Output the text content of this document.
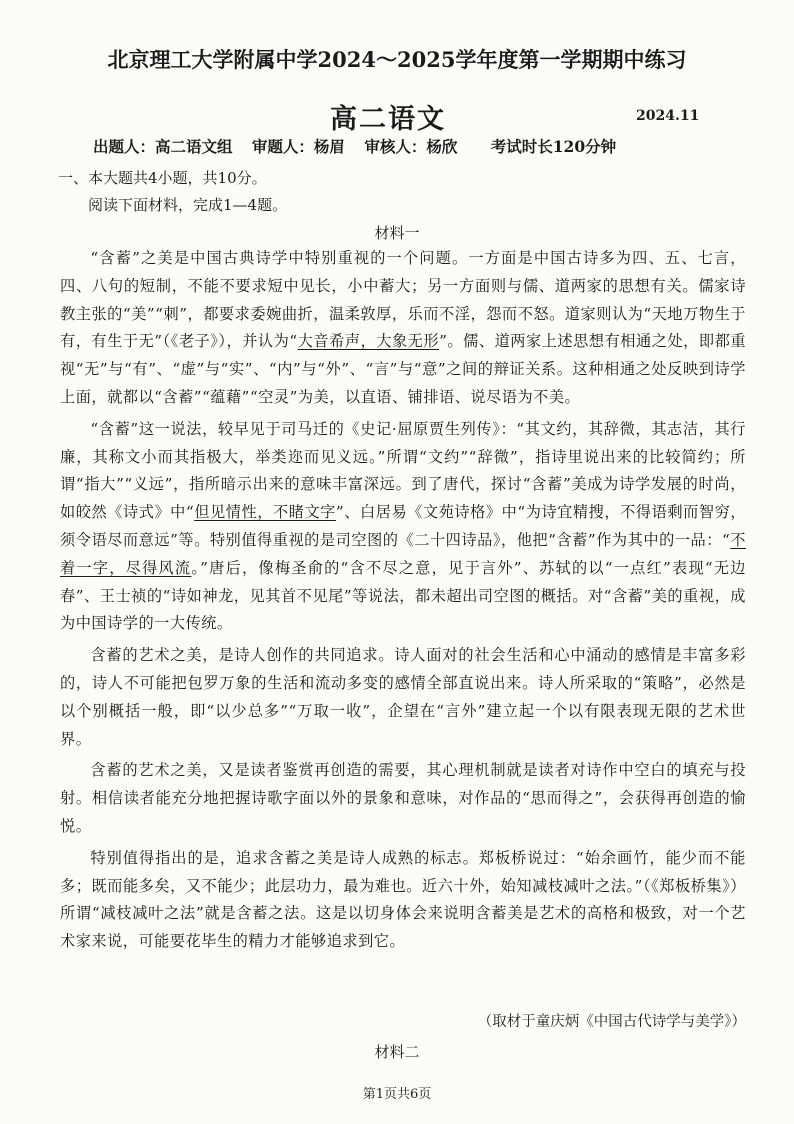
北京理工大学附属中学2024～2025学年度第一学期期中练习
高二语文	2024.11
出题人：高二语文组 审题人：杨眉 审核人：杨欣 考试时长120分钟
一、本大题共4小题，共10分。
阅读下面材料，完成1—4题。
材料一

“含蓄”之美是中国古典诗学中特别重视的一个问题。一方面是中国古诗多为四、五、七言，四、八句的短制，不能不要求短中见长，小中蓄大；另一方面则与儒、道两家的思想有关。儒家诗教主张的“美”“刺”，都要求委婉曲折，温柔敦厚，乐而不淫，怨而不怒。道家则认为“天地万物生于有，有生于无”（《老子》），并认为“大音希声，大象无形”。儒、道两家上述思想有相通之处，即都重视“无”与“有”、“虚”与“实”、“内”与“外”、“言”与“意”之间的辩证关系。这种相通之处反映到诗学上面，就都以“含蓄”“蕴藉”“空灵”为美，以直语、铺排语、说尽语为不美。

“含蓄”这一说法，较早见于司马迁的《史记·屈原贾生列传》：“其文约，其辞微，其志洁，其行廉，其称文小而其指极大，举类迩而见义远。”所谓“文约”“辞微”，指诗里说出来的比较简约；所谓“指大”“义远”，指所暗示出来的意味丰富深远。到了唐代，探讨“含蓄”美成为诗学发展的时尚，如皎然《诗式》中“但见情性，不睹文字”、白居易《文苑诗格》中“为诗宜精搜，不得语剩而智穷，须令语尽而意远”等。特别值得重视的是司空图的《二十四诗品》，他把“含蓄”作为其中的一品：“不着一字，尽得风流。”唐后，像梅圣俞的“含不尽之意，见于言外”、苏轼的以“一点红”表现“无边春”、王士祯的“诗如神龙，见其首不见尾”等说法，都未超出司空图的概括。对“含蓄”美的重视，成为中国诗学的一大传统。

含蓄的艺术之美，是诗人创作的共同追求。诗人面对的社会生活和心中涌动的感情是丰富多彩的，诗人不可能把包罗万象的生活和流动多变的感情全部直说出来。诗人所采取的“策略”，必然是以个别概括一般，即“以少总多”“万取一收”，企望在“言外”建立起一个以有限表现无限的艺术世界。

含蓄的艺术之美，又是读者鉴赏再创造的需要，其心理机制就是读者对诗作中空白的填充与投射。相信读者能充分地把握诗歌字面以外的景象和意味，对作品的“思而得之”，会获得再创造的愉悦。

特别值得指出的是，追求含蓄之美是诗人成熟的标志。郑板桥说过：“始余画竹，能少而不能多；既而能多矣，又不能少；此层功力，最为难也。近六十外，始知减枝减叶之法。”（《郑板桥集》）所谓“减枝减叶之法”就是含蓄之法。这是以切身体会来说明含蓄美是艺术的高格和极致，对一个艺术家来说，可能要花毕生的精力才能够追求到它。

（取材于童庆炳《中国古代诗学与美学》）
材料二
第1页共6页
